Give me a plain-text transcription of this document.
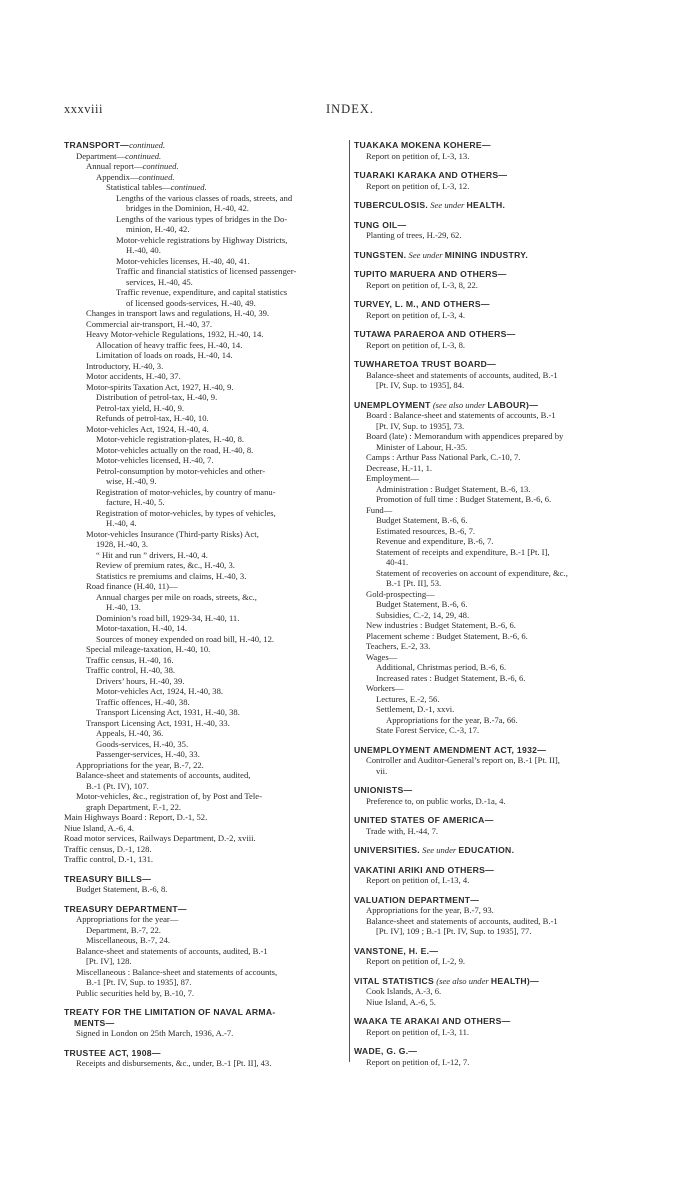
xxxviii	INDEX.
TRANSPORT—continued.
Department—continued.
Annual report—continued.
Appendix—continued.
Statistical tables—continued.
Lengths of the various classes of roads, streets, and
bridges in the Dominion, H.-40, 42.
Lengths of the various types of bridges in the Do-
minion, H.-40, 42.
Motor-vehicle registrations by Highway Districts,
H.-40, 40.
Motor-vehicles licenses, H.-40, 40, 41.
Traffic and financial statistics of licensed passenger-
services, H.-40, 45.
Traffic revenue, expenditure, and capital statistics
of licensed goods-services, H.-40, 49.
Changes in transport laws and regulations, H.-40, 39.
Commercial air-transport, H.-40, 37.
Heavy Motor-vehicle Regulations, 1932, H.-40, 14.
Allocation of heavy traffic fees, H.-40, 14.
Limitation of loads on roads, H.-40, 14.
Introductory, H.-40, 3.
Motor accidents, H.-40, 37.
Motor-spirits Taxation Act, 1927, H.-40, 9.
Distribution of petrol-tax, H.-40, 9.
Petrol-tax yield, H.-40, 9.
Refunds of petrol-tax, H.-40, 10.
Motor-vehicles Act, 1924, H.-40, 4.
Motor-vehicle registration-plates, H.-40, 8.
Motor-vehicles actually on the road, H.-40, 8.
Motor-vehicles licensed, H.-40, 7.
Petrol-consumption by motor-vehicles and other-
wise, H.-40, 9.
Registration of motor-vehicles, by country of manu-
facture, H.-40, 5.
Registration of motor-vehicles, by types of vehicles,
H.-40, 4.
Motor-vehicles Insurance (Third-party Risks) Act,
1928, H.-40, 3.
“ Hit and run ” drivers, H.-40, 4.
Review of premium rates, &c., H.-40, 3.
Statistics re premiums and claims, H.-40, 3.
Road finance (H.40, 11)—
Annual charges per mile on roads, streets, &c.,
H.-40, 13.
Dominion’s road bill, 1929-34, H.-40, 11.
Motor-taxation, H.-40, 14.
Sources of money expended on road bill, H.-40, 12.
Special mileage-taxation, H.-40, 10.
Traffic census, H.-40, 16.
Traffic control, H.-40, 38.
Drivers’ hours, H.-40, 39.
Motor-vehicles Act, 1924, H.-40, 38.
Traffic offences, H.-40, 38.
Transport Licensing Act, 1931, H.-40, 38.
Transport Licensing Act, 1931, H.-40, 33.
Appeals, H.-40, 36.
Goods-services, H.-40, 35.
Passenger-services, H.-40, 33.
Appropriations for the year, B.-7, 22.
Balance-sheet and statements of accounts, audited,
B.-1 (Pt. IV), 107.
Motor-vehicles, &c., registration of, by Post and Tele-
graph Department, F.-1, 22.
Main Highways Board : Report, D.-1, 52.
Niue Island, A.-6, 4.
Road motor services, Railways Department, D.-2, xviii.
Traffic census, D.-1, 128.
Traffic control, D.-1, 131.
TREASURY BILLS—
Budget Statement, B.-6, 8.
TREASURY DEPARTMENT—
Appropriations for the year—
Department, B.-7, 22.
Miscellaneous, B.-7, 24.
Balance-sheet and statements of accounts, audited, B.-1
[Pt. IV], 128.
Miscellaneous : Balance-sheet and statements of accounts,
B.-1 [Pt. IV, Sup. to 1935], 87.
Public securities held by, B.-10, 7.
TREATY FOR THE LIMITATION OF NAVAL ARMA-
MENTS—
Signed in London on 25th March, 1936, A.-7.
TRUSTEE ACT, 1908—
Receipts and disbursements, &c., under, B.-1 [Pt. II], 43.
TUAKAKA MOKENA KOHERE—
Report on petition of, I.-3, 13.
TUARAKI KARAKA AND OTHERS—
Report on petition of, I.-3, 12.
TUBERCULOSIS. See under HEALTH.
TUNG OIL—
Planting of trees, H.-29, 62.
TUNGSTEN. See under MINING INDUSTRY.
TUPITO MARUERA AND OTHERS—
Report on petition of, I.-3, 8, 22.
TURVEY, L. M., AND OTHERS—
Report on petition of, I.-3, 4.
TUTAWA PARAEROA AND OTHERS—
Report on petition of, I.-3, 8.
TUWHARETOA TRUST BOARD—
Balance-sheet and statements of accounts, audited, B.-1
[Pt. IV, Sup. to 1935], 84.
UNEMPLOYMENT (see also under LABOUR)—
Board : Balance-sheet and statements of accounts, B.-1
[Pt. IV, Sup. to 1935], 73.
Board (late) : Memorandum with appendices prepared by
Minister of Labour, H.-35.
Camps : Arthur Pass National Park, C.-10, 7.
Decrease, H.-11, 1.
Employment—
Administration : Budget Statement, B.-6, 13.
Promotion of full time : Budget Statement, B.-6, 6.
Fund—
Budget Statement, B.-6, 6.
Estimated resources, B.-6, 7.
Revenue and expenditure, B.-6, 7.
Statement of receipts and expenditure, B.-1 [Pt. I],
40-41.
Statement of recoveries on account of expenditure, &c.,
B.-1 [Pt. II], 53.
Gold-prospecting—
Budget Statement, B.-6, 6.
Subsidies, C.-2, 14, 29, 48.
New industries : Budget Statement, B.-6, 6.
Placement scheme : Budget Statement, B.-6, 6.
Teachers, E.-2, 33.
Wages—
Additional, Christmas period, B.-6, 6.
Increased rates : Budget Statement, B.-6, 6.
Workers—
Lectures, E.-2, 56.
Settlement, D.-1, xxvi.
Appropriations for the year, B.-7a, 66.
State Forest Service, C.-3, 17.
UNEMPLOYMENT AMENDMENT ACT, 1932—
Controller and Auditor-General’s report on, B.-1 [Pt. II],
vii.
UNIONISTS—
Preference to, on public works, D.-1a, 4.
UNITED STATES OF AMERICA—
Trade with, H.-44, 7.
UNIVERSITIES. See under EDUCATION.
VAKATINI ARIKI AND OTHERS—
Report on petition of, I.-13, 4.
VALUATION DEPARTMENT—
Appropriations for the year, B.-7, 93.
Balance-sheet and statements of accounts, audited, B.-1
[Pt. IV], 109 ; B.-1 [Pt. IV, Sup. to 1935], 77.
VANSTONE, H. E.—
Report on petition of, I.-2, 9.
VITAL STATISTICS (see also under HEALTH)—
Cook Islands, A.-3, 6.
Niue Island, A.-6, 5.
WAAKA TE ARAKAI AND OTHERS—
Report on petition of, I.-3, 11.
WADE, G. G.—
Report on petition of, I.-12, 7.
